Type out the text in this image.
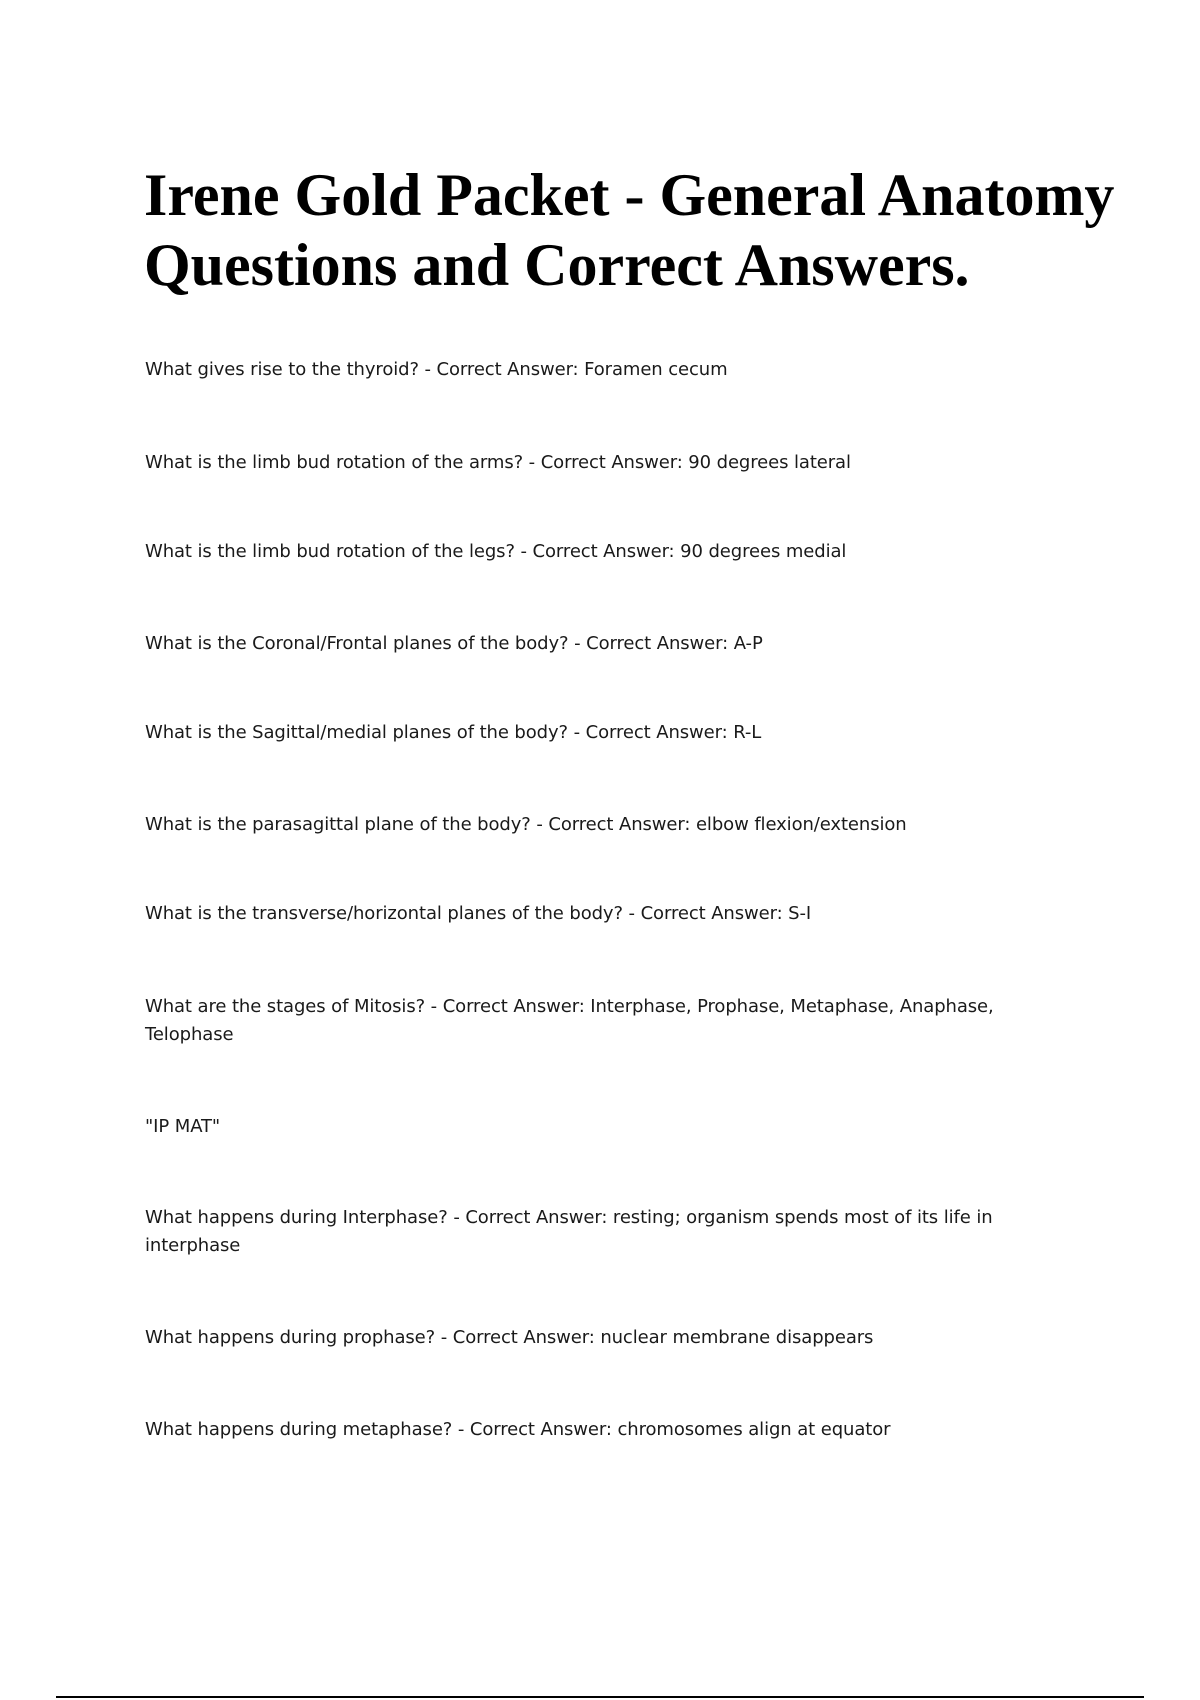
Irene Gold Packet - General Anatomy
Questions and Correct Answers.

What gives rise to the thyroid? - Correct Answer: Foramen cecum

What is the limb bud rotation of the arms? - Correct Answer: 90 degrees lateral

What is the limb bud rotation of the legs? - Correct Answer: 90 degrees medial

What is the Coronal/Frontal planes of the body? - Correct Answer: A-P

What is the Sagittal/medial planes of the body? - Correct Answer: R-L

What is the parasagittal plane of the body? - Correct Answer: elbow flexion/extension

What is the transverse/horizontal planes of the body? - Correct Answer: S-I

What are the stages of Mitosis? - Correct Answer: Interphase, Prophase, Metaphase, Anaphase, Telophase

"IP MAT"

What happens during Interphase? - Correct Answer: resting; organism spends most of its life in interphase

What happens during prophase? - Correct Answer: nuclear membrane disappears

What happens during metaphase? - Correct Answer: chromosomes align at equator
